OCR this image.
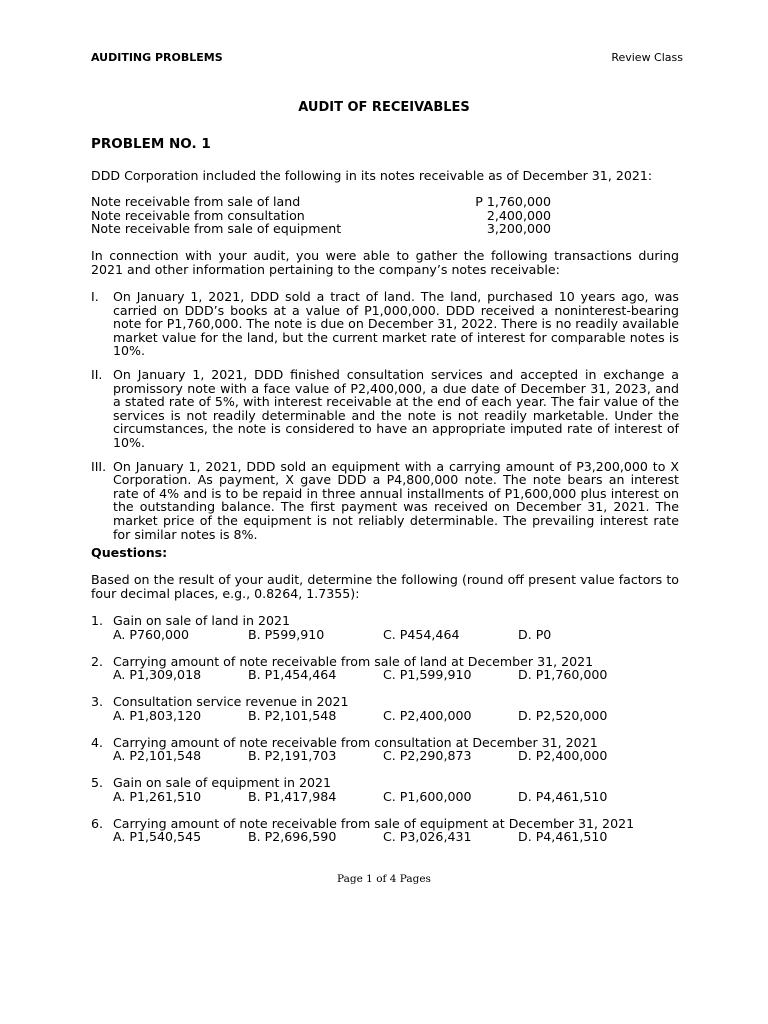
AUDITING PROBLEMS	Review Class
AUDIT OF RECEIVABLES
PROBLEM NO. 1
DDD Corporation included the following in its notes receivable as of December 31, 2021:
Note receivable from sale of land	P 1,760,000
Note receivable from consultation	2,400,000
Note receivable from sale of equipment	3,200,000
In connection with your audit, you were able to gather the following transactions during 2021 and other information pertaining to the company’s notes receivable:
I.	On January 1, 2021, DDD sold a tract of land. The land, purchased 10 years ago, was carried on DDD’s books at a value of P1,000,000. DDD received a noninterest-bearing note for P1,760,000. The note is due on December 31, 2022. There is no readily available market value for the land, but the current market rate of interest for comparable notes is 10%.
II. On January 1, 2021, DDD finished consultation services and accepted in exchange a promissory note with a face value of P2,400,000, a due date of December 31, 2023, and a stated rate of 5%, with interest receivable at the end of each year. The fair value of the services is not readily determinable and the note is not readily marketable. Under the circumstances, the note is considered to have an appropriate imputed rate of interest of 10%.
III. On January 1, 2021, DDD sold an equipment with a carrying amount of P3,200,000 to X Corporation. As payment, X gave DDD a P4,800,000 note. The note bears an interest rate of 4% and is to be repaid in three annual installments of P1,600,000 plus interest on the outstanding balance. The first payment was received on December 31, 2021. The market price of the equipment is not reliably determinable. The prevailing interest rate for similar notes is 8%.
Questions:
Based on the result of your audit, determine the following (round off present value factors to four decimal places, e.g., 0.8264, 1.7355):
1. Gain on sale of land in 2021
A. P760,000	B. P599,910	C. P454,464	D. P0
2. Carrying amount of note receivable from sale of land at December 31, 2021
A. P1,309,018	B. P1,454,464	C. P1,599,910	D. P1,760,000
3. Consultation service revenue in 2021
A. P1,803,120	B. P2,101,548	C. P2,400,000	D. P2,520,000
4. Carrying amount of note receivable from consultation at December 31, 2021
A. P2,101,548	B. P2,191,703	C. P2,290,873	D. P2,400,000
5. Gain on sale of equipment in 2021
A. P1,261,510	B. P1,417,984	C. P1,600,000	D. P4,461,510
6. Carrying amount of note receivable from sale of equipment at December 31, 2021
A. P1,540,545	B. P2,696,590	C. P3,026,431	D. P4,461,510
Page 1 of 4 Pages
